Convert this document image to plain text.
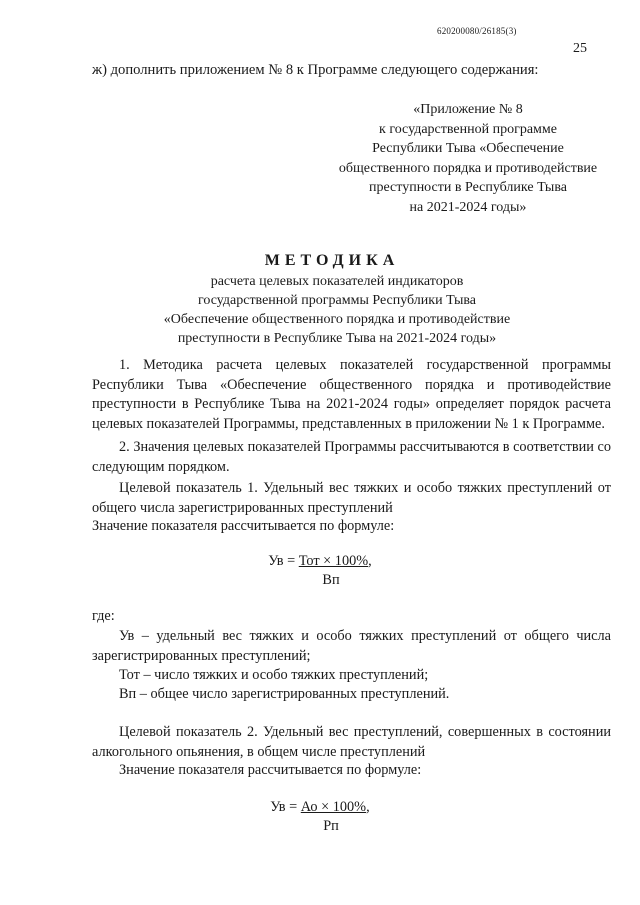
620200080/26185(3)
25
ж) дополнить приложением № 8 к Программе следующего содержания:
«Приложение № 8
к государственной программе
Республики Тыва «Обеспечение
общественного порядка и противодействие
преступности в Республике Тыва
на 2021-2024 годы»
МЕТОДИКА
расчета целевых показателей индикаторов
государственной программы Республики Тыва
«Обеспечение общественного порядка и противодействие
преступности в Республике Тыва на 2021-2024 годы»
1. Методика расчета целевых показателей государственной программы Республики Тыва «Обеспечение общественного порядка и противодействие преступности в Республике Тыва на 2021-2024 годы» определяет порядок расчета целевых показателей Программы, представленных в приложении № 1 к Программе.
2. Значения целевых показателей Программы рассчитываются в соответствии со следующим порядком.
Целевой показатель 1. Удельный вес тяжких и особо тяжких преступлений от общего числа зарегистрированных преступлений
Значение показателя рассчитывается по формуле:
Ув = Тот × 100%,
Вп
где:
Ув – удельный вес тяжких и особо тяжких преступлений от общего числа зарегистрированных преступлений;
Тот – число тяжких и особо тяжких преступлений;
Вп – общее число зарегистрированных преступлений.
Целевой показатель 2. Удельный вес преступлений, совершенных в состоянии алкогольного опьянения, в общем числе преступлений
Значение показателя рассчитывается по формуле:
Ув = Ао × 100%,
Рп
